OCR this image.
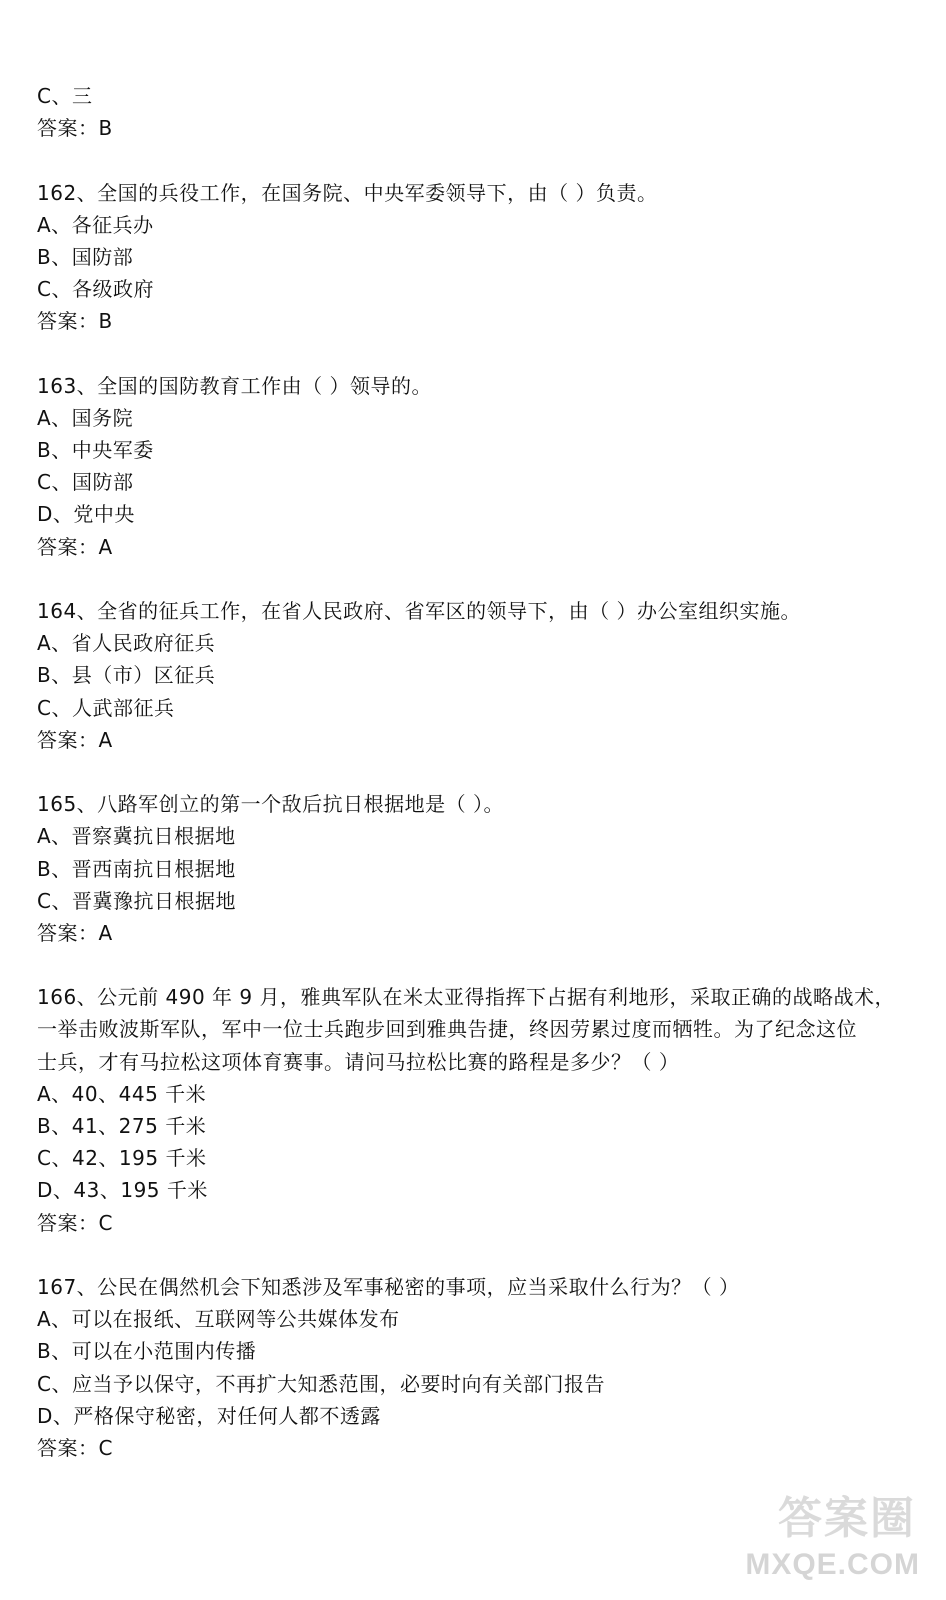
C、三
答案：B
162、全国的兵役工作，在国务院、中央军委领导下，由（ ）负责。
A、各征兵办
B、国防部
C、各级政府
答案：B
163、全国的国防教育工作由（ ）领导的。
A、国务院
B、中央军委
C、国防部
D、党中央
答案：A
164、全省的征兵工作，在省人民政府、省军区的领导下，由（ ）办公室组织实施。
A、省人民政府征兵
B、县（市）区征兵
C、人武部征兵
答案：A
165、八路军创立的第一个敌后抗日根据地是（ ）。
A、晋察冀抗日根据地
B、晋西南抗日根据地
C、晋冀豫抗日根据地
答案：A
166、公元前 490 年 9 月，雅典军队在米太亚得指挥下占据有利地形，采取正确的战略战术，
一举击败波斯军队，军中一位士兵跑步回到雅典告捷，终因劳累过度而牺牲。为了纪念这位
士兵，才有马拉松这项体育赛事。请问马拉松比赛的路程是多少？（ ）
A、40、445 千米
B、41、275 千米
C、42、195 千米
D、43、195 千米
答案：C
167、公民在偶然机会下知悉涉及军事秘密的事项，应当采取什么行为？（ ）
A、可以在报纸、互联网等公共媒体发布
B、可以在小范围内传播
C、应当予以保守，不再扩大知悉范围，必要时向有关部门报告
D、严格保守秘密，对任何人都不透露
答案：C
答案圈
MXQE.COM
